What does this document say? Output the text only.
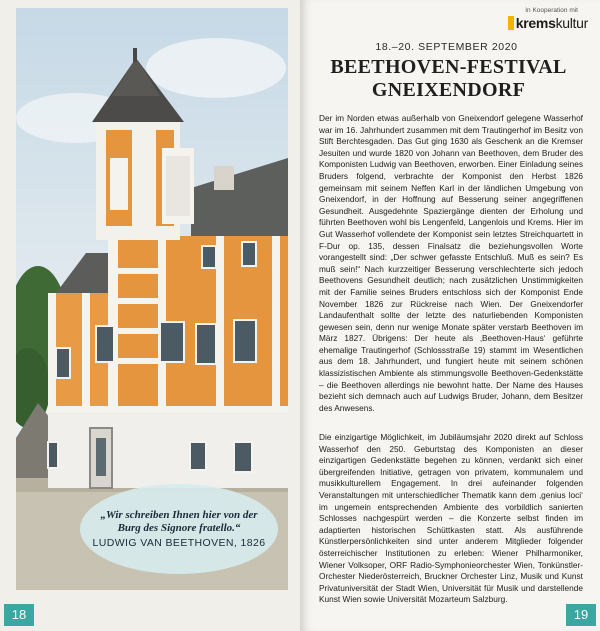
„Wir schreiben Ihnen hier von der Burg des Signore fratello.“
LUDWIG VAN BEETHOVEN, 1826
18
In Kooperation mit
krems kultur
18.–20. SEPTEMBER 2020
BEETHOVEN-FESTIVAL GNEIXENDORF

Der im Norden etwas außerhalb von Gneixendorf gelegene Wasserhof war im 16. Jahrhundert zusammen mit dem Trautingerhof im Besitz von Stift Berchtesgaden. Das Gut ging 1630 als Geschenk an die Kremser Jesuiten und wurde 1820 von Johann van Beethoven, dem Bruder des Komponisten Ludwig van Beethoven, erworben. Einer Einladung seines Bruders folgend, verbrachte der Komponist den Herbst 1826 gemeinsam mit seinem Neffen Karl in der ländlichen Umgebung von Gneixendorf, in der Hoffnung auf Besserung seiner angegriffenen Gesundheit. Ausgedehnte Spaziergänge dienten der Erholung und führten Beethoven wohl bis Lengenfeld, Langenlois und Krems. Hier im Gut Wasserhof vollendete der Komponist sein letztes Streichquartett in F-Dur op. 135, dessen Finalsatz die beziehungsvollen Worte vorangestellt sind: „Der schwer gefasste Entschluß. Muß es sein? Es muß sein!“ Nach kurzzeitiger Besserung verschlechterte sich jedoch Beethovens Gesundheit deutlich; nach zusätzlichen Unstimmigkeiten mit der Familie seines Bruders entschloss sich der Komponist Ende November 1826 zur Rückreise nach Wien. Der Gneixendorfer Landaufenthalt sollte der letzte des naturliebenden Komponisten gewesen sein, denn nur wenige Monate später verstarb Beethoven im März 1827. Übrigens: Der heute als ‚Beethoven-Haus‘ geführte ehemalige Trautingerhof (Schlossstraße 19) stammt im Wesentlichen aus dem 18. Jahrhundert, und fungiert heute mit seinem schönen klassizistischen Ambiente als stimmungsvolle Beethoven-Gedenkstätte – die Beethoven allerdings nie bewohnt hatte. Der Name des Hauses bezieht sich demnach auch auf Ludwigs Bruder, Johann, dem Besitzer des Anwesens.

Die einzigartige Möglichkeit, im Jubiläumsjahr 2020 direkt auf Schloss Wasserhof den 250. Geburtstag des Komponisten an dieser einzigartigen Gedenkstätte begehen zu können, verdankt sich einer übergreifenden Initiative, getragen von privatem, kommunalem und musikkulturellem Engagement. In drei aufeinander folgenden Veranstaltungen mit unterschiedlicher Thematik kann dem ‚genius loci‘ im ungemein entsprechenden Ambiente des vorbildlich sanierten Schlosses nachgespürt werden – die Konzerte selbst finden im adaptierten historischen Schüttkasten statt. Als ausführende Künstlerpersönlichkeiten sind unter anderem Mitglieder folgender österreichischer Institutionen zu erleben: Wiener Philharmoniker, Wiener Volksoper, ORF Radio-Symphonieorchester Wien, Tonkünstler-Orchester Niederösterreich, Bruckner Orchester Linz, Musik und Kunst Privatuniversität der Stadt Wien, Universität für Musik und darstellende Kunst Wien sowie Universität Mozarteum Salzburg.

19
